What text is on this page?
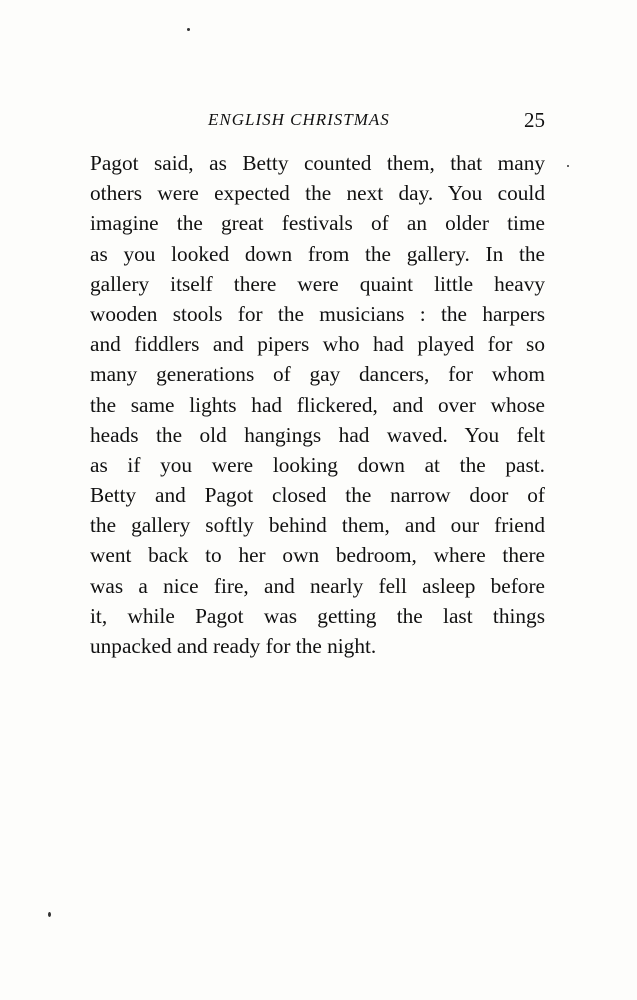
ENGLISH CHRISTMAS	25
Pagot said, as Betty counted them, that many
others were expected the next day. You could
imagine the great festivals of an older time
as you looked down from the gallery. In the
gallery itself there were quaint little heavy
wooden stools for the musicians : the harpers
and fiddlers and pipers who had played for so
many generations of gay dancers, for whom
the same lights had flickered, and over whose
heads the old hangings had waved. You felt
as if you were looking down at the past.
Betty and Pagot closed the narrow door of
the gallery softly behind them, and our friend
went back to her own bedroom, where there
was a nice fire, and nearly fell asleep before
it, while Pagot was getting the last things
unpacked and ready for the night.
